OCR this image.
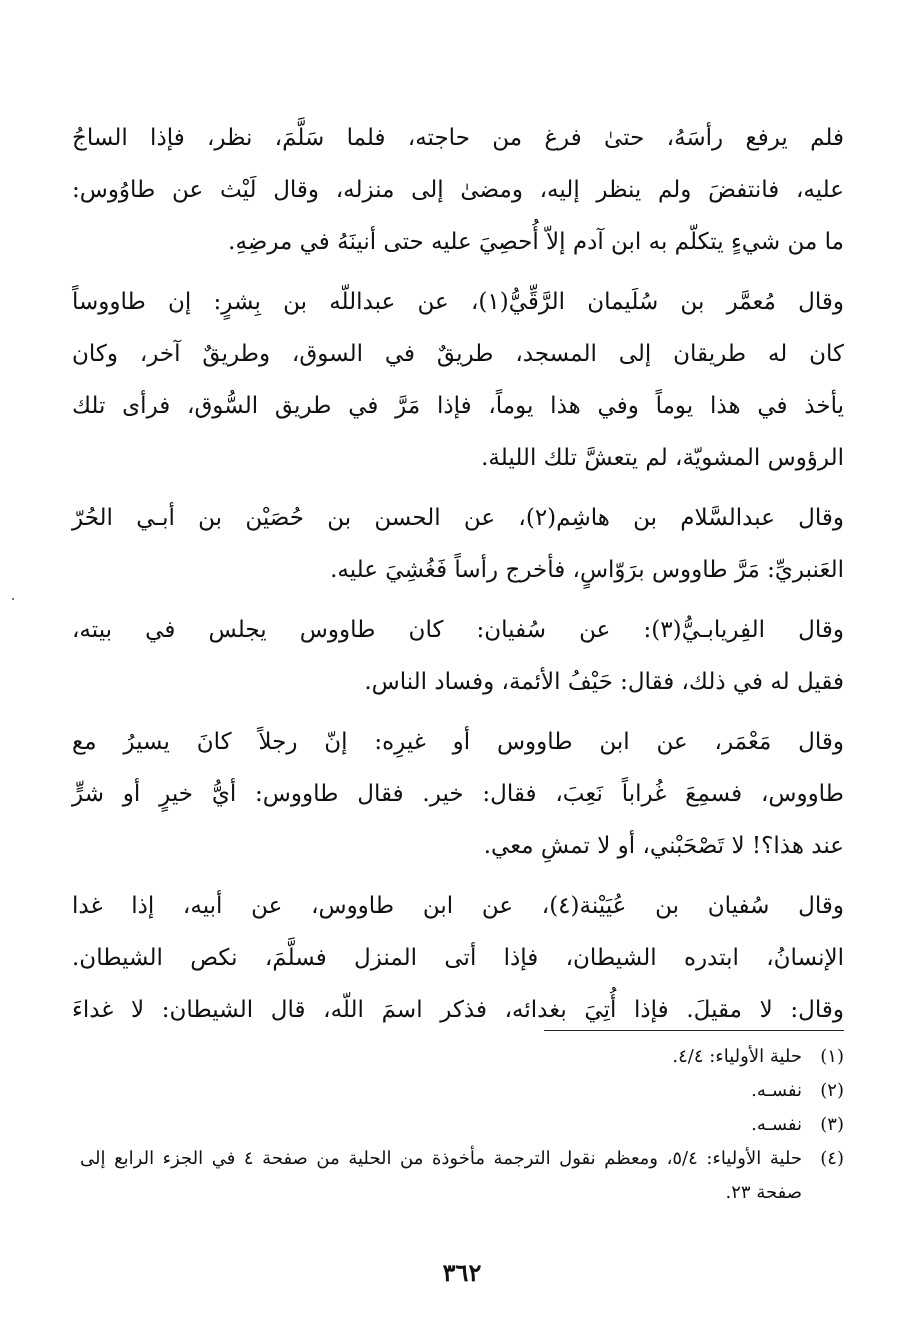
فلم يرفع رأسَهُ، حتىٰ فرغ من حاجته، فلما سَلَّمَ، نظر، فإذا الساجُ
عليه، فانتفضَ ولم ينظر إليه، ومضىٰ إلى منزله، وقال لَيْث عن طاوُوس:
ما من شيءٍ يتكلّم به ابن آدم إلاّ أُحصِيَ عليه حتى أنينَهُ في مرضِهِ.

وقال مُعمَّر بن سُلَيمان الرَّقِّيُّ(١)، عن عبداللّه بن بِشرٍ: إن طاووساً
كان له طريقان إلى المسجد، طريقٌ في السوق، وطريقٌ آخر، وكان
يأخذ في هذا يوماً وفي هذا يوماً، فإذا مَرَّ في طريق السُّوق، فرأى تلك
الرؤوس المشويّة، لم يتعشَّ تلك الليلة.

وقال عبدالسَّلام بن هاشِم(٢)، عن الحسن بن حُصَيْن بن أبـي الحُرّ
العَنبريِّ: مَرَّ طاووس برَوّاسٍ، فأخرج رأساً فَغُشِيَ عليه.

وقال الفِريابـيُّ(٣): عن سُفيان: كان طاووس يجلس في بيته،
فقيل له في ذلك، فقال: حَيْفُ الأئمة، وفساد الناس.

وقال مَعْمَر، عن ابن طاووس أو غيرِه: إنّ رجلاً كانَ يسيرُ مع
طاووس، فسمِعَ غُراباً نَعِبَ، فقال: خير. فقال طاووس: أيُّ خيرٍ أو شرٍّ
عند هذا؟! لا تَصْحَبْني، أو لا تمشِ معي.

وقال سُفيان بن عُيَيْنة(٤)، عن ابن طاووس، عن أبيه، إذا غدا
الإنسانُ، ابتدره الشيطان، فإذا أتى المنزل فسلَّمَ، نكص الشيطان.
وقال: لا مقيلَ. فإذا أُتِيَ بغدائه، فذكر اسمَ اللّه، قال الشيطان: لا غداءَ

(١)
حلية الأولياء: ٤/٤.
(٢)
نفسـه.
(٣)
نفسـه.
(٤)
حلية الأولياء: ٥/٤، ومعظم نقول الترجمة مأخوذة من الحلية من صفحة ٤ في الجزء الرابع إلى صفحة ٢٣.
٣٦٢
